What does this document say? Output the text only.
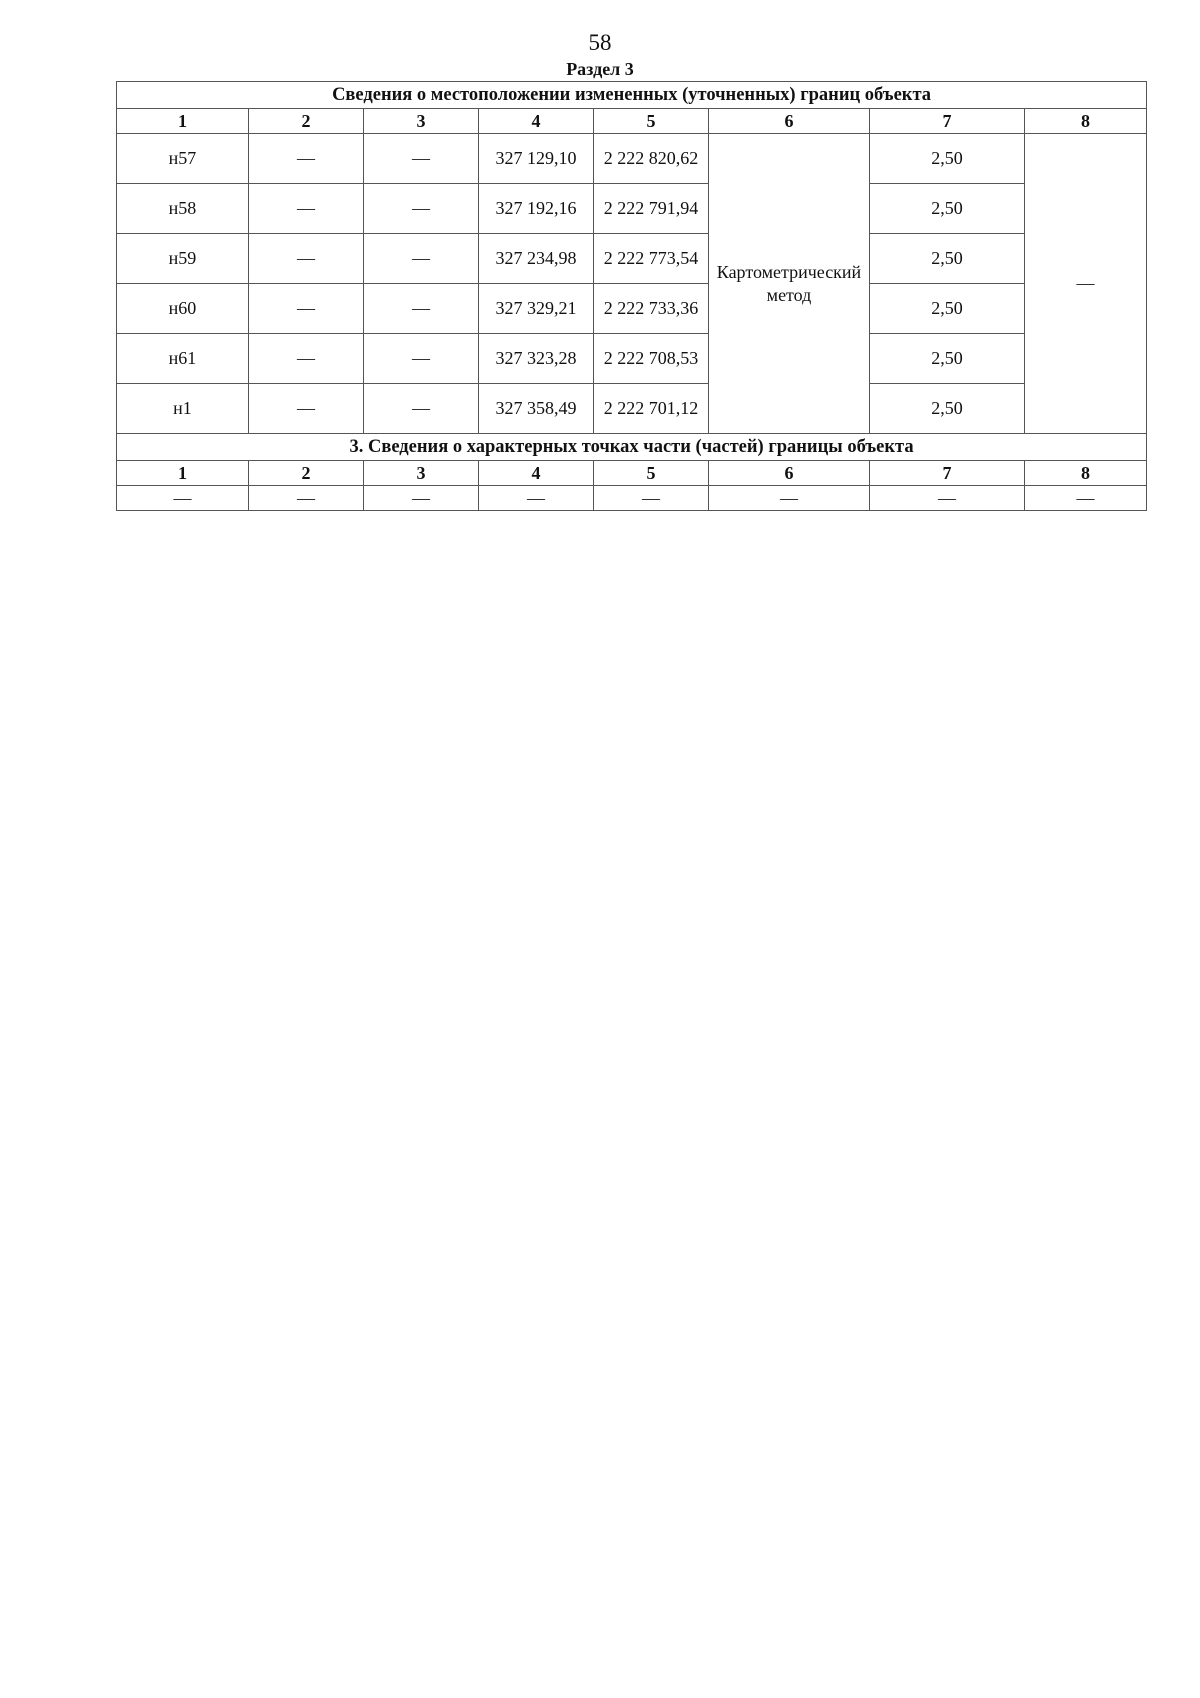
58
Раздел 3
Сведения о местоположении измененных (уточненных) границ объекта							
1	2	3	4	5	6	7	8
н57	—	—	327 129,10	2 222 820,62	Картометрический метод	2,50	—
н58	—	—	327 192,16	2 222 791,94		2,50	
н59	—	—	327 234,98	2 222 773,54		2,50	
н60	—	—	327 329,21	2 222 733,36		2,50	
н61	—	—	327 323,28	2 222 708,53		2,50	
н1	—	—	327 358,49	2 222 701,12		2,50	
3. Сведения о характерных точках части (частей) границы объекта							
1	2	3	4	5	6	7	8
—	—	—	—	—	—	—	—
